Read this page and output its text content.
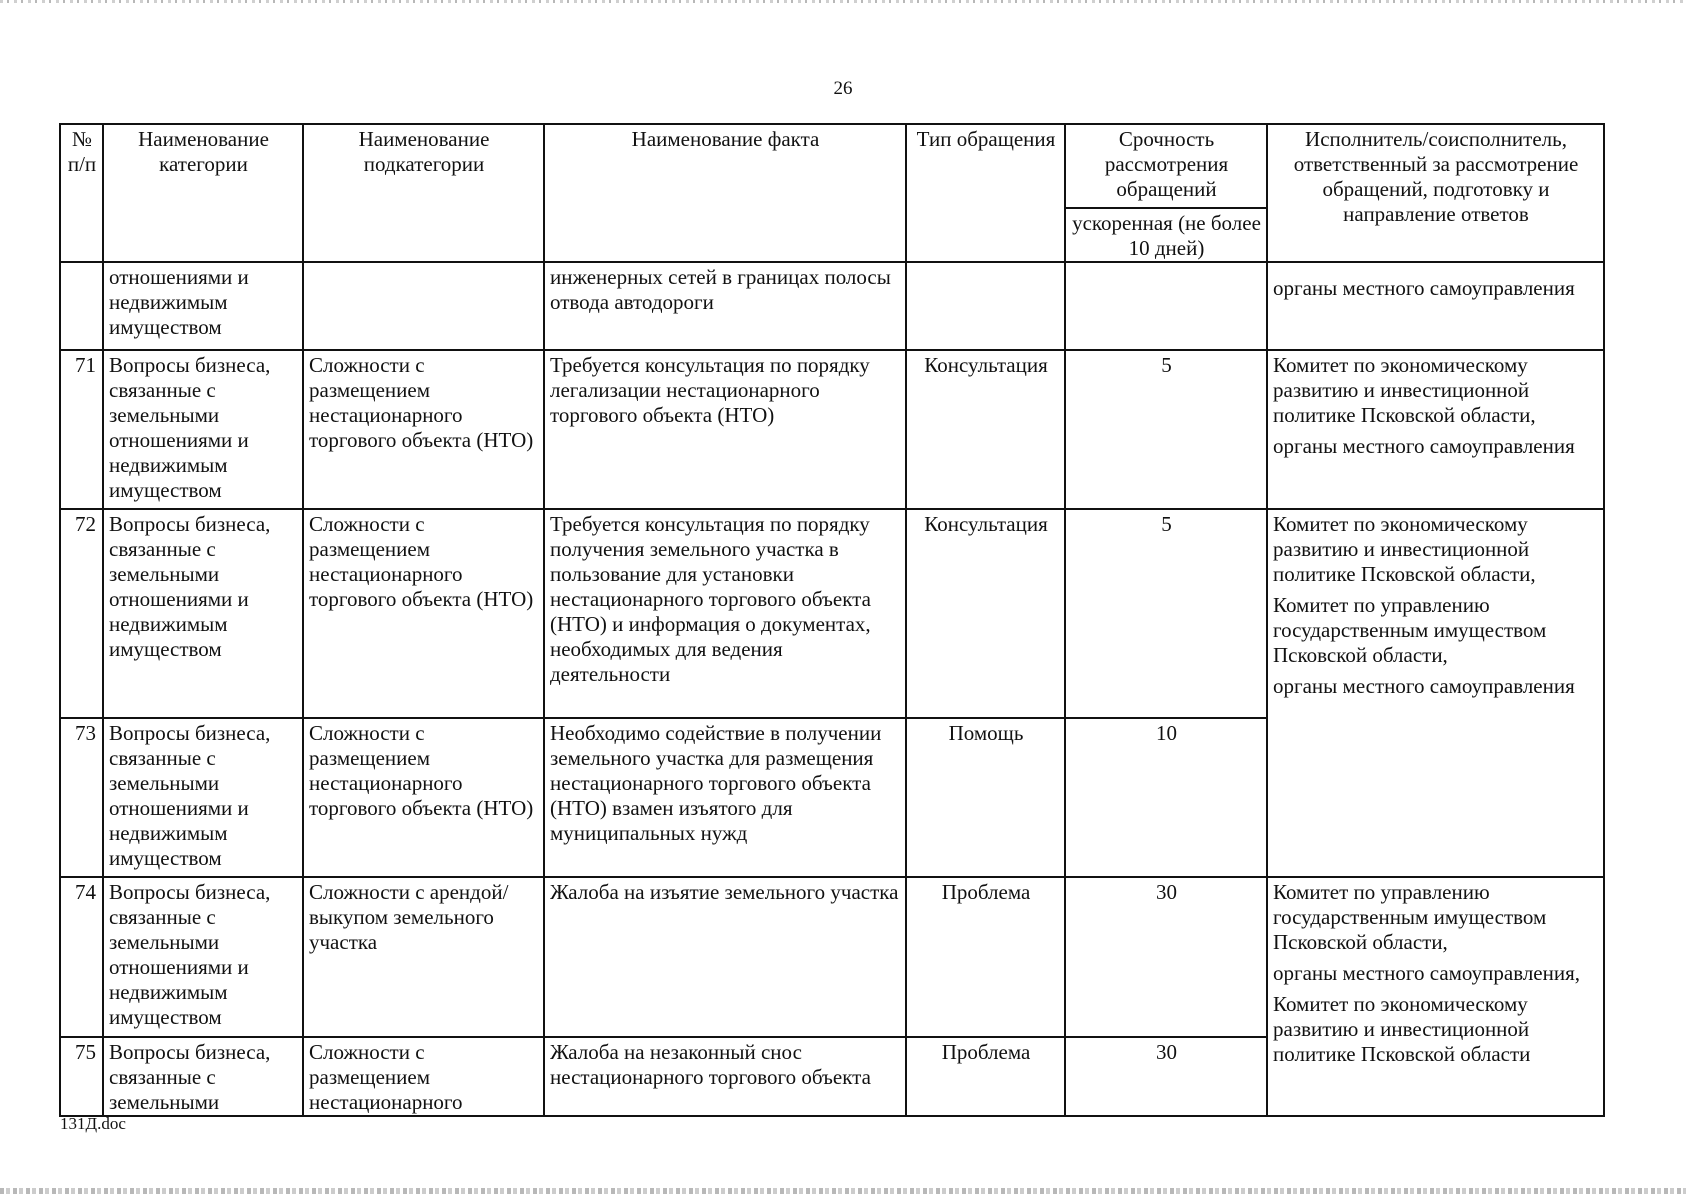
26
№ п/п	Наименование категории	Наименование подкатегории	Наименование факта	Тип обращения	Срочность рассмотрения обращений	Исполнитель/соисполнитель, ответственный за рассмотрение обращений, подготовку и направление ответов
					ускоренная (не более 10 дней)	
	отношениями и недвижимым имуществом		инженерных сетей в границах полосы отвода автодороги			органы местного самоуправления
71	Вопросы бизнеса, связанные с земельными отношениями и недвижимым имуществом	Сложности с размещением нестационарного торгового объекта (НТО)	Требуется консультация по порядку легализации нестационарного торгового объекта (НТО)	Консультация	5	Комитет по экономическому развитию и инвестиционной политике Псковской области,
органы местного самоуправления

72	Вопросы бизнеса, связанные с земельными отношениями и недвижимым имуществом	Сложности с размещением нестационарного торгового объекта (НТО)	Требуется консультация по порядку получения земельного участка в пользование для установки нестационарного торгового объекта (НТО) и информация о документах, необходимых для ведения деятельности	Консультация	5	Комитет по экономическому развитию и инвестиционной политике Псковской области,
Комитет по управлению государственным имуществом Псковской области,
органы местного самоуправления

73	Вопросы бизнеса, связанные с земельными отношениями и недвижимым имуществом	Сложности с размещением нестационарного торгового объекта (НТО)	Необходимо содействие в получении земельного участка для размещения нестационарного торгового объекта (НТО) взамен изъятого для муниципальных нужд	Помощь	10	
74	Вопросы бизнеса, связанные с земельными отношениями и недвижимым имуществом	Сложности с арендой/выкупом земельного участка	Жалоба на изъятие земельного участка	Проблема	30	Комитет по управлению государственным имуществом Псковской области,
органы местного самоуправления,
Комитет по экономическому развитию и инвестиционной политике Псковской области

75	Вопросы бизнеса, связанные с земельными	Сложности с размещением нестационарного	Жалоба на незаконный снос нестационарного торгового объекта	Проблема	30	
131Д.doc
